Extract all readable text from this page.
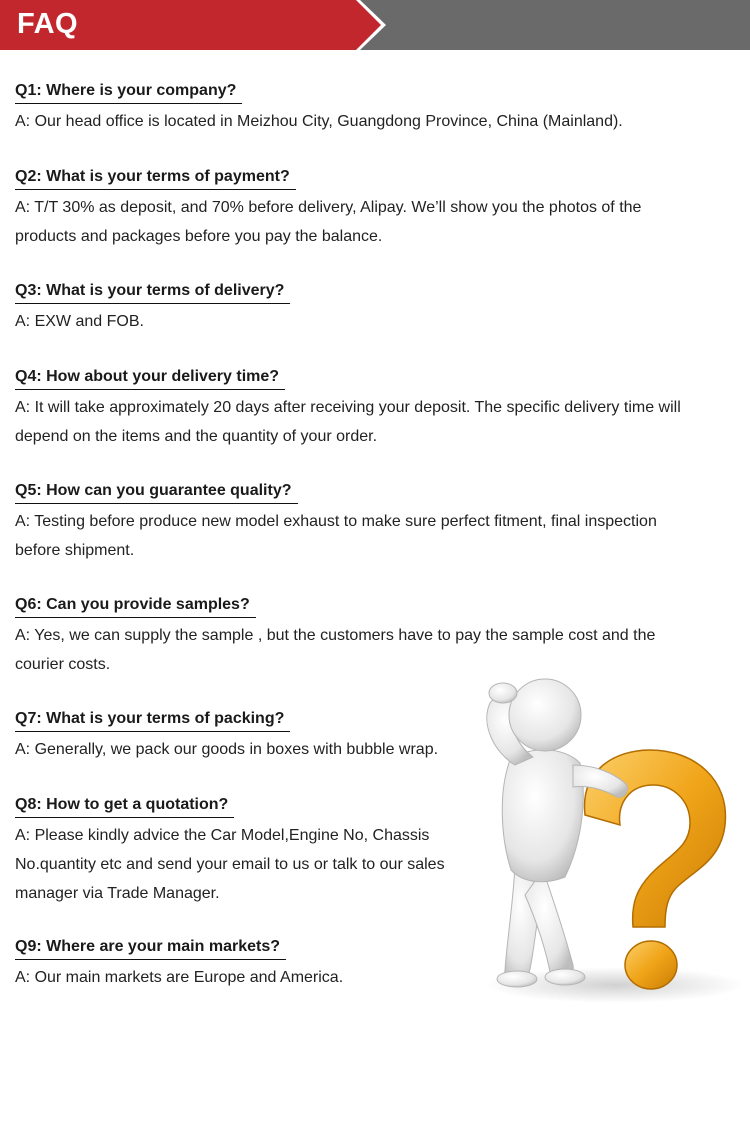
FAQ
Q1: Where is your company?
A: Our head office is located in Meizhou City, Guangdong Province, China (Mainland).
Q2: What is your terms of payment?
A: T/T 30% as deposit, and 70% before delivery, Alipay. We’ll show you the photos of the products and packages before you pay the balance.
Q3: What is your terms of delivery?
A: EXW and FOB.
Q4: How about your delivery time?
A: It will take approximately 20 days after receiving your deposit. The specific delivery time will depend on the items and the quantity of your order.
Q5: How can you guarantee quality?
A: Testing before produce new model exhaust to make sure perfect fitment, final inspection before shipment.
Q6: Can you provide samples?
A: Yes, we can supply the sample , but the customers have to pay the sample cost and the courier costs.
Q7: What is your terms of packing?
A: Generally, we pack our goods in boxes with bubble wrap.
Q8: How to get a quotation?
A: Please kindly advice the Car Model,Engine No, Chassis No.quantity etc and send your email to us or talk to our sales manager via Trade Manager.
Q9: Where are your main markets?
A: Our main markets are Europe and America.
